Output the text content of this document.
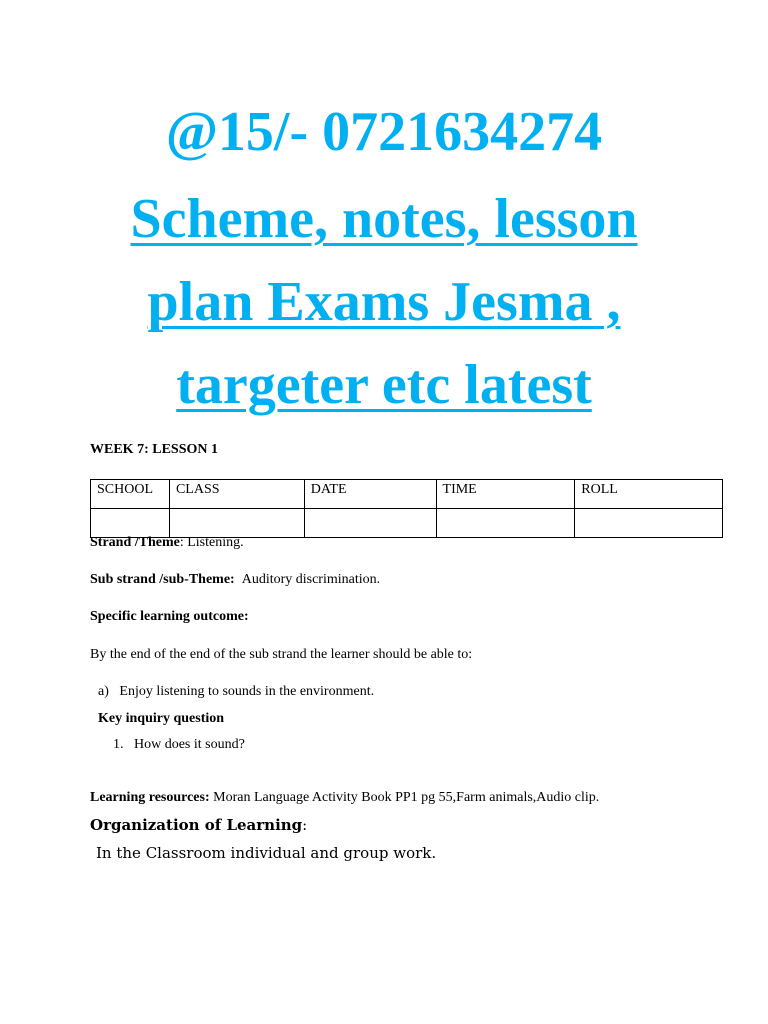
@15/- 0721634274
Scheme, notes, lesson
plan Exams Jesma ,
targeter etc latest
WEEK 7: LESSON 1
SCHOOL	CLASS	DATE	TIME	ROLL

Strand /Theme: Listening.
Sub strand /sub-Theme: Auditory discrimination.
Specific learning outcome:
By the end of the end of the sub strand the learner should be able to:
a) Enjoy listening to sounds in the environment.
Key inquiry question
1. How does it sound?
Learning resources: Moran Language Activity Book PP1 pg 55,Farm animals,Audio clip.
Organization of Learning:
In the Classroom individual and group work.
